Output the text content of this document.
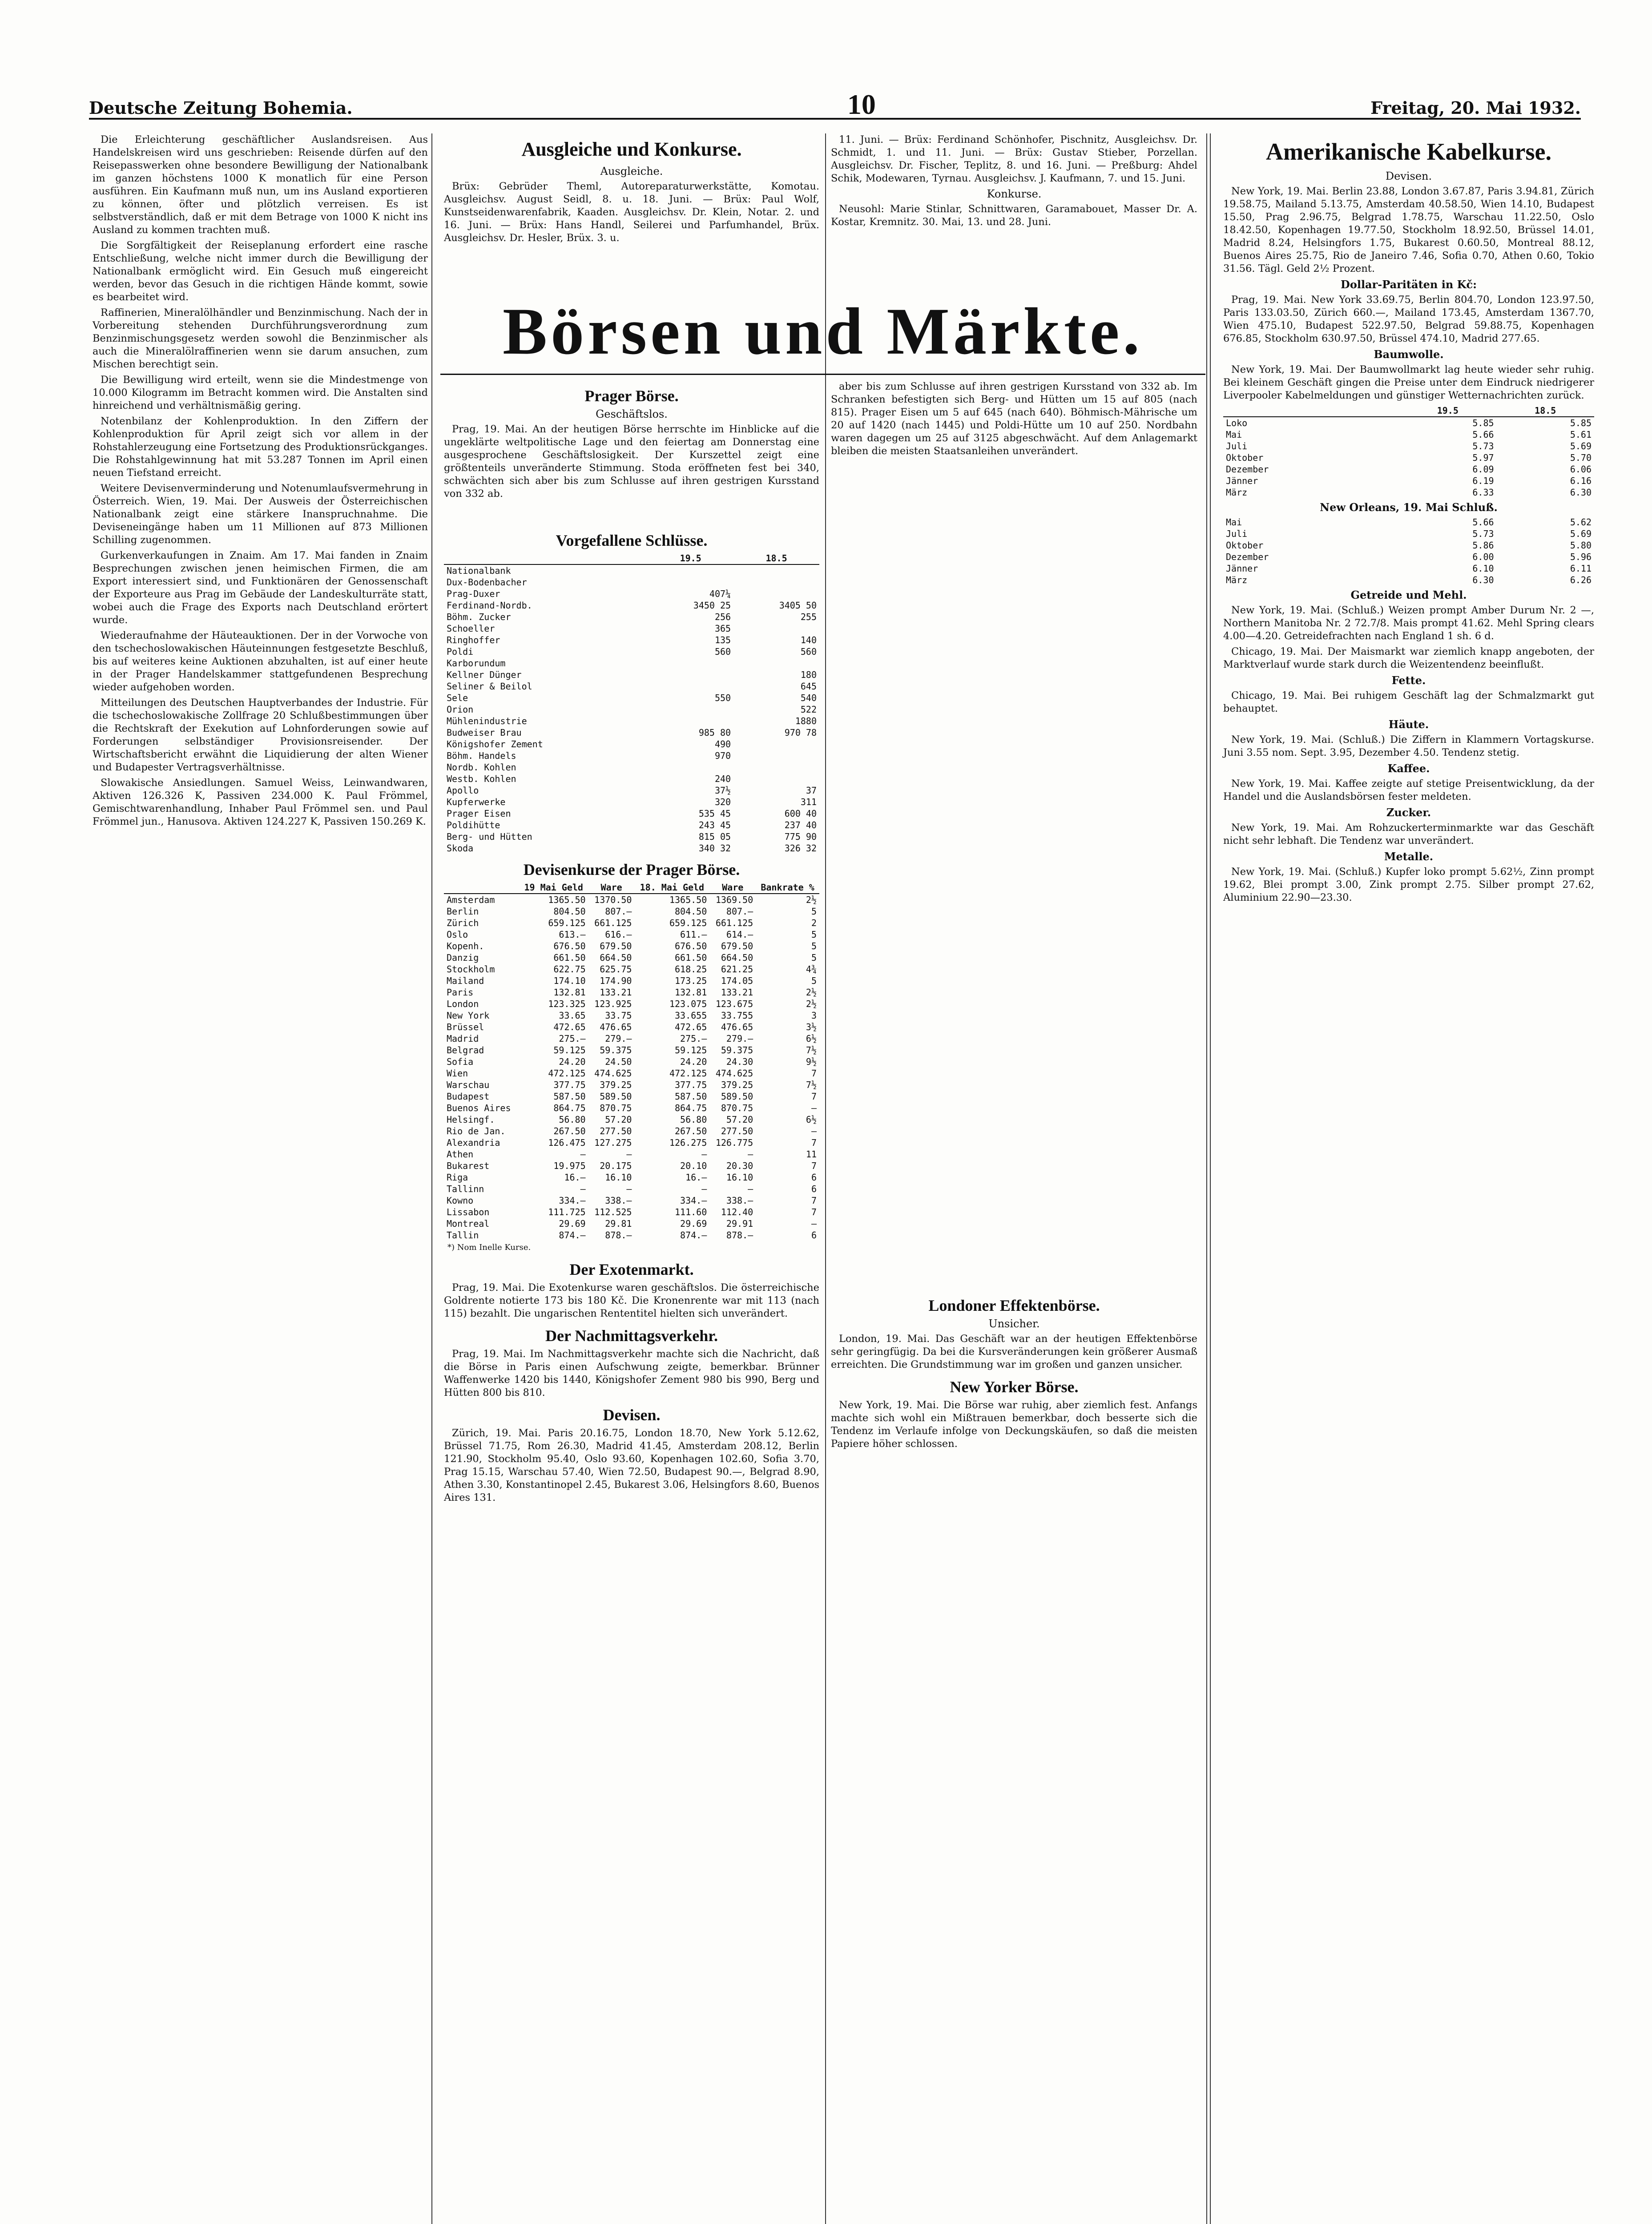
Deutsche Zeitung Bohemia.	10	Freitag, 20. Mai 1932.

Die Erleichterung geschäftlicher Auslandsreisen. Aus Handelskreisen wird uns geschrieben: Reisende dürfen auf den Reisepasswerken ohne besondere Bewilligung der Nationalbank im ganzen höchstens 1000 K monatlich für eine Person ausführen. Ein Kaufmann muß nun, um ins Ausland exportieren zu können, öfter und plötzlich verreisen. Es ist selbstverständlich, daß er mit dem Betrage von 1000 K nicht ins Ausland zu kommen trachten muß.

Die Sorgfältigkeit der Reiseplanung erfordert eine rasche Entschließung, welche nicht immer durch die Bewilligung der Nationalbank ermöglicht wird. Ein Gesuch muß eingereicht werden, bevor das Gesuch in die richtigen Hände kommt, sowie es bearbeitet wird.

Raffinerien, Mineralölhändler und Benzinmischung. Nach der in Vorbereitung stehenden Durchführungsverordnung zum Benzinmischungsgesetz werden sowohl die Benzinmischer als auch die Mineralölraffinerien wenn sie darum ansuchen, zum Mischen berechtigt sein.

Die Bewilligung wird erteilt, wenn sie die Mindestmenge von 10.000 Kilogramm im Betracht kommen wird. Die Anstalten sind hinreichend und verhältnismäßig gering.

Notenbilanz der Kohlenproduktion. In den Ziffern der Kohlenproduktion für April zeigt sich vor allem in der Rohstahlerzeugung eine Fortsetzung des Produktionsrückganges. Die Rohstahlgewinnung hat mit 53.287 Tonnen im April einen neuen Tiefstand erreicht.

Weitere Devisenverminderung und Notenumlaufsvermehrung in Österreich. Wien, 19. Mai. Der Ausweis der Österreichischen Nationalbank zeigt eine stärkere Inanspruchnahme. Die Deviseneingänge haben um 11 Millionen auf 873 Millionen Schilling zugenommen.

Gurkenverkaufungen in Znaim. Am 17. Mai fanden in Znaim Besprechungen zwischen jenen heimischen Firmen, die am Export interessiert sind, und Funktionären der Genossenschaft der Exporteure aus Prag im Gebäude der Landeskulturräte statt, wobei auch die Frage des Exports nach Deutschland erörtert wurde.

Wiederaufnahme der Häuteauktionen. Der in der Vorwoche von den tschechoslowakischen Häuteinnungen festgesetzte Beschluß, bis auf weiteres keine Auktionen abzuhalten, ist auf einer heute in der Prager Handelskammer stattgefundenen Besprechung wieder aufgehoben worden.

Mitteilungen des Deutschen Hauptverbandes der Industrie. Für die tschechoslowakische Zollfrage 20 Schlußbestimmungen über die Rechtskraft der Exekution auf Lohnforderungen sowie auf Forderungen selbständiger Provisionsreisender. Der Wirtschaftsbericht erwähnt die Liquidierung der alten Wiener und Budapester Vertragsverhältnisse.

Slowakische Ansiedlungen. Samuel Weiss, Leinwandwaren, Aktiven 126.326 K, Passiven 234.000 K. Paul Frömmel, Gemischtwarenhandlung, Inhaber Paul Frömmel sen. und Paul Frömmel jun., Hanusova. Aktiven 124.227 K, Passiven 150.269 K.

Ausgleiche und Konkurse.
Ausgleiche.

Brüx: Gebrüder Theml, Autoreparaturwerkstätte, Komotau. Ausgleichsv. August Seidl, 8. u. 18. Juni. — Brüx: Paul Wolf, Kunstseidenwarenfabrik, Kaaden. Ausgleichsv. Dr. Klein, Notar. 2. und 16. Juni. — Brüx: Hans Handl, Seilerei und Parfumhandel, Brüx. Ausgleichsv. Dr. Hesler, Brüx. 3. u.

11. Juni. — Brüx: Ferdinand Schönhofer, Pischnitz, Ausgleichsv. Dr. Schmidt, 1. und 11. Juni. — Brüx: Gustav Stieber, Porzellan. Ausgleichsv. Dr. Fischer, Teplitz, 8. und 16. Juni. — Preßburg: Ahdel Schik, Modewaren, Tyrnau. Ausgleichsv. J. Kaufmann, 7. und 15. Juni.

Konkurse.

Neusohl: Marie Stinlar, Schnittwaren, Garamabouet, Masser Dr. A. Kostar, Kremnitz. 30. Mai, 13. und 28. Juni.

Börsen und Märkte.
Prager Börse.
Geschäftslos.

Prag, 19. Mai. An der heutigen Börse herrschte im Hinblicke auf die ungeklärte weltpolitische Lage und den feiertag am Donnerstag eine ausgesprochene Geschäftslosigkeit. Der Kurszettel zeigt eine größtenteils unveränderte Stimmung. Stoda eröffneten fest bei 340, schwächten sich aber bis zum Schlusse auf ihren gestrigen Kursstand von 332 ab.

aber bis zum Schlusse auf ihren gestrigen Kursstand von 332 ab. Im Schranken befestigten sich Berg- und Hütten um 15 auf 805 (nach 815). Prager Eisen um 5 auf 645 (nach 640). Böhmisch-Mährische um 20 auf 1420 (nach 1445) und Poldi-Hütte um 10 auf 250. Nordbahn waren dagegen um 25 auf 3125 abgeschwächt. Auf dem Anlagemarkt bleiben die meisten Staatsanleihen unverändert.

Vorgefallene Schlüsse.
	19.5	18.5
Nationalbank		
Dux-Bodenbacher		
Prag-Duxer	407¼	
Ferdinand-Nordb.	3450 25	3405 50
Böhm. Zucker	256	255
Schoeller	365	
Ringhoffer	135	140
Poldi	560	560
Karborundum		
Kellner Dünger		180
Seliner & Beilol		645
Sele	550	540
Orion		522
Mühlenindustrie		1880
Budweiser Brau	985 80	970 78
Königshofer Zement	490	
Böhm. Handels	970	
Nordb. Kohlen		
Westb. Kohlen	240	
Apollo	37½	37
Kupferwerke	320	311
Prager Eisen	535 45	600 40
Poldihütte	243 45	237 40
Berg- und Hütten	815 05	775 90
Skoda	340 32	326 32
Devisenkurse der Prager Börse.
	19 Mai Geld	Ware	18. Mai Geld	Ware	Bankrate %
Amsterdam	1365.50	1370.50	1365.50	1369.50	2½
Berlin	804.50	807.—	804.50	807.—	5
Zürich	659.125	661.125	659.125	661.125	2
Oslo	613.—	616.—	611.—	614.—	5
Kopenh.	676.50	679.50	676.50	679.50	5
Danzig	661.50	664.50	661.50	664.50	5
Stockholm	622.75	625.75	618.25	621.25	4¾
Mailand	174.10	174.90	173.25	174.05	5
Paris	132.81	133.21	132.81	133.21	2½
London	123.325	123.925	123.075	123.675	2½
New York	33.65	33.75	33.655	33.755	3
Brüssel	472.65	476.65	472.65	476.65	3½
Madrid	275.—	279.—	275.—	279.—	6½
Belgrad	59.125	59.375	59.125	59.375	7½
Sofia	24.20	24.50	24.20	24.30	9½
Wien	472.125	474.625	472.125	474.625	7
Warschau	377.75	379.25	377.75	379.25	7½
Budapest	587.50	589.50	587.50	589.50	7
Buenos Aires	864.75	870.75	864.75	870.75	—
Helsingf.	56.80	57.20	56.80	57.20	6½
Rio de Jan.	267.50	277.50	267.50	277.50	—
Alexandria	126.475	127.275	126.275	126.775	7
Athen	—	—	—	—	11
Bukarest	19.975	20.175	20.10	20.30	7
Riga	16.—	16.10	16.—	16.10	6
Tallinn	—	—	—	—	6
Kowno	334.—	338.—	334.—	338.—	7
Lissabon	111.725	112.525	111.60	112.40	7
Montreal	29.69	29.81	29.69	29.91	—
Tallin	874.—	878.—	874.—	878.—	6
*) Nom Inelle Kurse.
Der Exotenmarkt.

Prag, 19. Mai. Die Exotenkurse waren geschäftslos. Die österreichische Goldrente notierte 173 bis 180 Kč. Die Kronenrente war mit 113 (nach 115) bezahlt. Die ungarischen Rententitel hielten sich unverändert.

Der Nachmittagsverkehr.

Prag, 19. Mai. Im Nachmittagsverkehr machte sich die Nachricht, daß die Börse in Paris einen Aufschwung zeigte, bemerkbar. Brünner Waffenwerke 1420 bis 1440, Königshofer Zement 980 bis 990, Berg und Hütten 800 bis 810.

Devisen.

Zürich, 19. Mai. Paris 20.16.75, London 18.70, New York 5.12.62, Brüssel 71.75, Rom 26.30, Madrid 41.45, Amsterdam 208.12, Berlin 121.90, Stockholm 95.40, Oslo 93.60, Kopenhagen 102.60, Sofia 3.70, Prag 15.15, Warschau 57.40, Wien 72.50, Budapest 90.—, Belgrad 8.90, Athen 3.30, Konstantinopel 2.45, Bukarest 3.06, Helsingfors 8.60, Buenos Aires 131.

Londoner Effektenbörse.
Unsicher.

London, 19. Mai. Das Geschäft war an der heutigen Effektenbörse sehr geringfügig. Da bei die Kursveränderungen kein größerer Ausmaß erreichten. Die Grundstimmung war im großen und ganzen unsicher.

New Yorker Börse.

New York, 19. Mai. Die Börse war ruhig, aber ziemlich fest. Anfangs machte sich wohl ein Mißtrauen bemerkbar, doch besserte sich die Tendenz im Verlaufe infolge von Deckungskäufen, so daß die meisten Papiere höher schlossen.

Amerikanische Kabelkurse.
Devisen.

New York, 19. Mai. Berlin 23.88, London 3.67.87, Paris 3.94.81, Zürich 19.58.75, Mailand 5.13.75, Amsterdam 40.58.50, Wien 14.10, Budapest 15.50, Prag 2.96.75, Belgrad 1.78.75, Warschau 11.22.50, Oslo 18.42.50, Kopenhagen 19.77.50, Stockholm 18.92.50, Brüssel 14.01, Madrid 8.24, Helsingfors 1.75, Bukarest 0.60.50, Montreal 88.12, Buenos Aires 25.75, Rio de Janeiro 7.46, Sofia 0.70, Athen 0.60, Tokio 31.56. Tägl. Geld 2½ Prozent.

Dollar-Paritäten in Kč:

Prag, 19. Mai. New York 33.69.75, Berlin 804.70, London 123.97.50, Paris 133.03.50, Zürich 660.—, Mailand 173.45, Amsterdam 1367.70, Wien 475.10, Budapest 522.97.50, Belgrad 59.88.75, Kopenhagen 676.85, Stockholm 630.97.50, Brüssel 474.10, Madrid 277.65.

Baumwolle.

New York, 19. Mai. Der Baumwollmarkt lag heute wieder sehr ruhig. Bei kleinem Geschäft gingen die Preise unter dem Eindruck niedrigerer Liverpooler Kabelmeldungen und günstiger Wetternachrichten zurück.

	19.5	18.5
Loko	5.85	5.85
Mai	5.66	5.61
Juli	5.73	5.69
Oktober	5.97	5.70
Dezember	6.09	6.06
Jänner	6.19	6.16
März	6.33	6.30
New Orleans, 19. Mai Schluß.
Mai	5.66	5.62
Juli	5.73	5.69
Oktober	5.86	5.80
Dezember	6.00	5.96
Jänner	6.10	6.11
März	6.30	6.26
Getreide und Mehl.

New York, 19. Mai. (Schluß.) Weizen prompt Amber Durum Nr. 2 —, Northern Manitoba Nr. 2 72.7/8. Mais prompt 41.62. Mehl Spring clears 4.00—4.20. Getreidefrachten nach England 1 sh. 6 d.

Chicago, 19. Mai. Der Maismarkt war ziemlich knapp angeboten, der Marktverlauf wurde stark durch die Weizentendenz beeinflußt.

Fette.

Chicago, 19. Mai. Bei ruhigem Geschäft lag der Schmalzmarkt gut behauptet.

Häute.

New York, 19. Mai. (Schluß.) Die Ziffern in Klammern Vortagskurse. Juni 3.55 nom. Sept. 3.95, Dezember 4.50. Tendenz stetig.

Kaffee.

New York, 19. Mai. Kaffee zeigte auf stetige Preisentwicklung, da der Handel und die Auslandsbörsen fester meldeten.

Zucker.

New York, 19. Mai. Am Rohzuckerterminmarkte war das Geschäft nicht sehr lebhaft. Die Tendenz war unverändert.

Metalle.

New York, 19. Mai. (Schluß.) Kupfer loko prompt 5.62½, Zinn prompt 19.62, Blei prompt 3.00, Zink prompt 2.75. Silber prompt 27.62, Aluminium 22.90—23.30.
